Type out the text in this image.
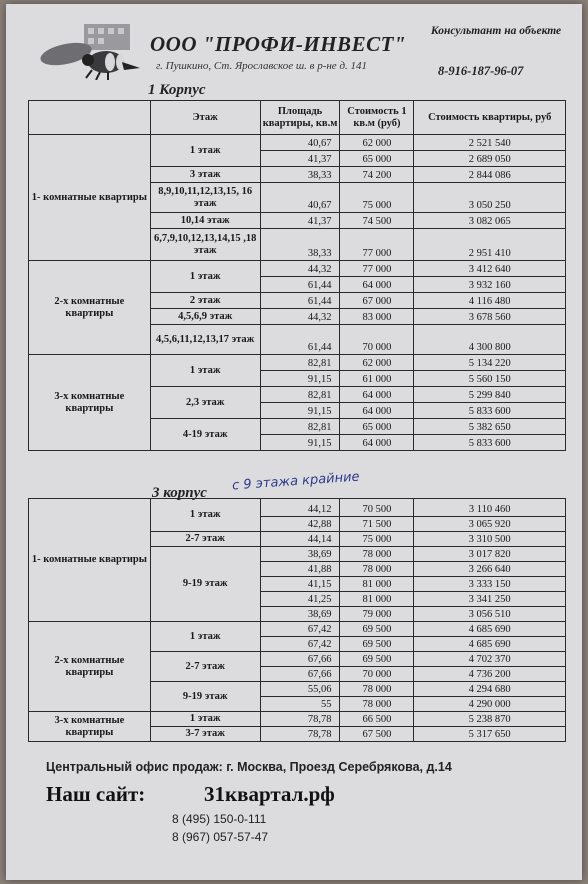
ООО "ПРОФИ-ИНВЕСТ"
г. Пушкино, Ст. Ярославское ш. в р-не д. 141
Консультант на объекте
8-916-187-96-07
1 Корпус
	Этаж	Площадь квартиры, кв.м	Стоимость 1 кв.м (руб)	Стоимость квартиры, руб
1- комнатные квартиры	1 этаж	40,67	62 000	2 521 540
		41,37	65 000	2 689 050
	3 этаж	38,33	74 200	2 844 086
	8,9,10,11,12,13,15, 16 этаж	40,67	75 000	3 050 250
	10,14 этаж	41,37	74 500	3 082 065
	6,7,9,10,12,13,14,15 ,18 этаж	38,33	77 000	2 951 410
2-х комнатные квартиры	1 этаж	44,32	77 000	3 412 640
		61,44	64 000	3 932 160
	2 этаж	61,44	67 000	4 116 480
	4,5,6,9 этаж	44,32	83 000	3 678 560
	4,5,6,11,12,13,17 этаж	61,44	70 000	4 300 800
3-х комнатные квартиры	1 этаж	82,81	62 000	5 134 220
		91,15	61 000	5 560 150
	2,3 этаж	82,81	64 000	5 299 840
		91,15	64 000	5 833 600
	4-19 этаж	82,81	65 000	5 382 650
		91,15	64 000	5 833 600
3 корпус с 9 этажа крайние
1- комнатные квартиры	1 этаж	44,12	70 500	3 110 460
		42,88	71 500	3 065 920
	2-7 этаж	44,14	75 000	3 310 500
	9-19 этаж	38,69	78 000	3 017 820
		41,88	78 000	3 266 640
		41,15	81 000	3 333 150
		41,25	81 000	3 341 250
		38,69	79 000	3 056 510
2-х комнатные квартиры	1 этаж	67,42	69 500	4 685 690
		67,42	69 500	4 685 690
	2-7 этаж	67,66	69 500	4 702 370
		67,66	70 000	4 736 200
	9-19 этаж	55,06	78 000	4 294 680
		55	78 000	4 290 000
3-х комнатные квартиры	1 этаж	78,78	66 500	5 238 870
	3-7 этаж	78,78	67 500	5 317 650
Центральный офис продаж: г. Москва, Проезд Серебрякова, д.14
Наш сайт:	31квартал.рф
8 (495) 150-0-111
8 (967) 057-57-47
